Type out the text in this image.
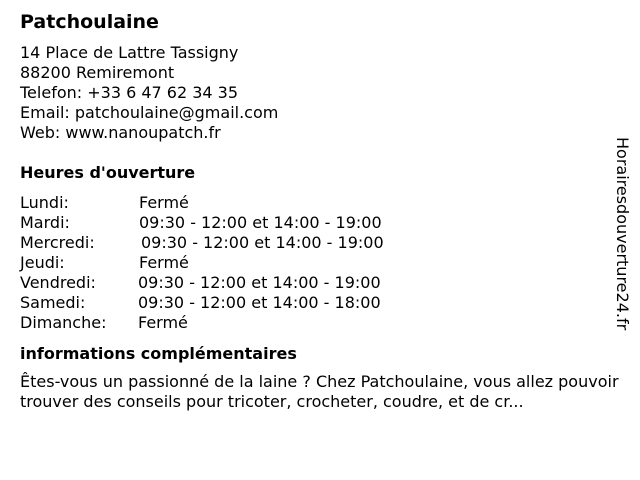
Patchoulaine
14 Place de Lattre Tassigny
88200 Remiremont
Telefon: +33 6 47 62 34 35
Email: patchoulaine@gmail.com
Web: www.nanoupatch.fr
Heures d'ouverture
Lundi:	Fermé
Mardi:	09:30 - 12:00 et 14:00 - 19:00
Mercredi:	09:30 - 12:00 et 14:00 - 19:00
Jeudi:	Fermé
Vendredi:	09:30 - 12:00 et 14:00 - 19:00
Samedi:	09:30 - 12:00 et 14:00 - 18:00
Dimanche: Fermé
informations complémentaires
Êtes-vous un passionné de la laine ? Chez Patchoulaine, vous allez pouvoir trouver des conseils pour tricoter, crocheter, coudre, et de cr...
Horairesdouverture24.fr
